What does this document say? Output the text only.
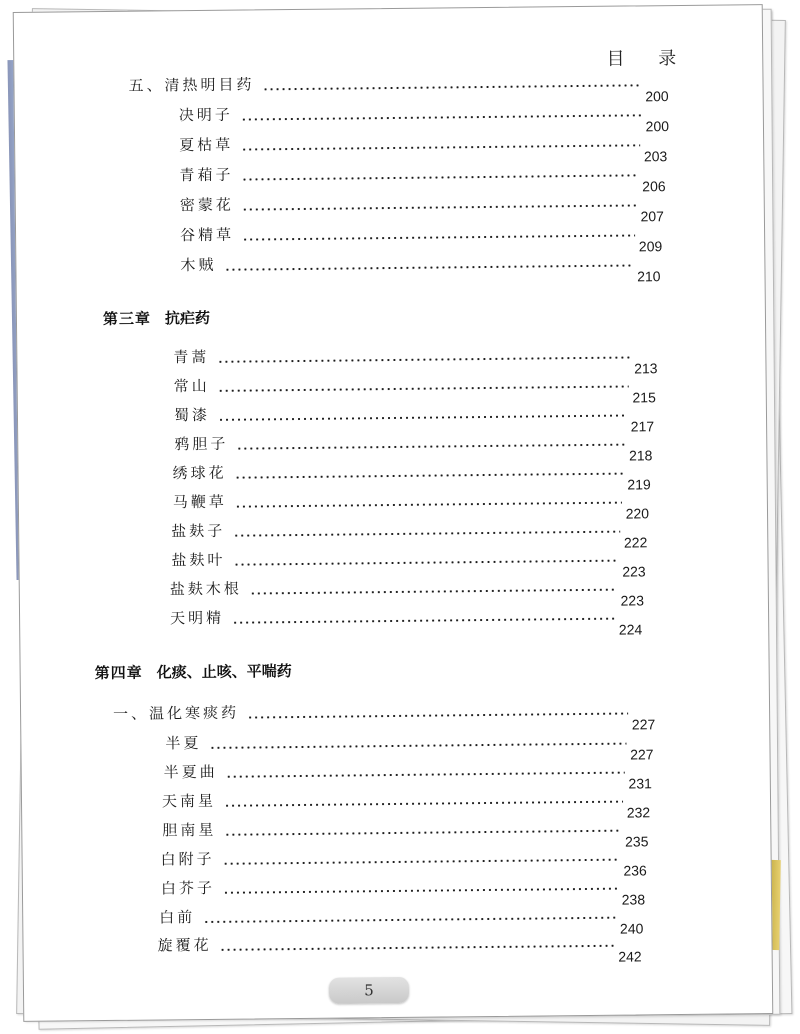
目 录
五、清热明目药
200
决明子
200
夏枯草
203
青葙子
206
密蒙花
207
谷精草
209
木贼
210
第三章 抗疟药
青蒿
213
常山
215
蜀漆
217
鸦胆子
218
绣球花
219
马鞭草
220
盐麸子
222
盐麸叶
223
盐麸木根
223
天明精
224
第四章 化痰、止咳、平喘药
一、温化寒痰药
227
半夏
227
半夏曲
231
天南星
232
胆南星
235
白附子
236
白芥子
238
白前
240
旋覆花
242
5
